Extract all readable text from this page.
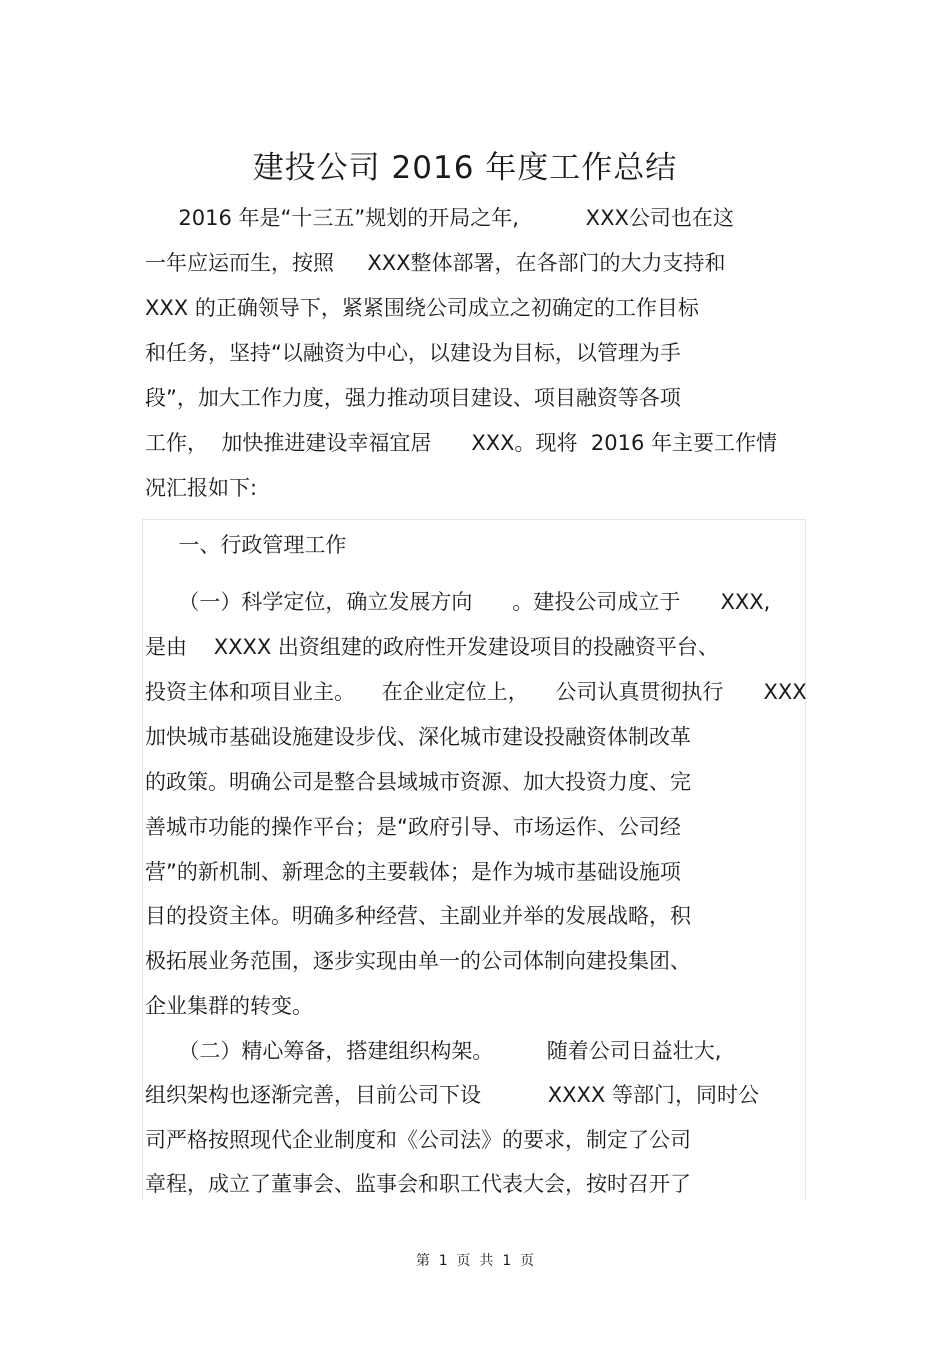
建投公司 2016 年度工作总结
2016 年是“十三五”规划的开局之年,          XXX公司也在这
一年应运而生，按照     XXX整体部署，在各部门的大力支持和
XXX 的正确领导下，紧紧围绕公司成立之初确定的工作目标
和任务，坚持“以融资为中心，以建设为目标，以管理为手
段”，加大工作力度，强力推动项目建设、项目融资等各项
工作，  加快推进建设幸福宜居      XXX。现将  2016 年主要工作情
况汇报如下:
一、行政管理工作
（一）科学定位，确立发展方向      。建投公司成立于      XXX,
是由    XXXX 出资组建的政府性开发建设项目的投融资平台、
投资主体和项目业主。    在企业定位上，    公司认真贯彻执行      XXX
加快城市基础设施建设步伐、深化城市建设投融资体制改革
的政策。明确公司是整合县域城市资源、加大投资力度、完
善城市功能的操作平台；是“政府引导、市场运作、公司经
营”的新机制、新理念的主要载体；是作为城市基础设施项
目的投资主体。明确多种经营、主副业并举的发展战略，积
极拓展业务范围，逐步实现由单一的公司体制向建投集团、
企业集群的转变。
（二）精心筹备，搭建组织构架。        随着公司日益壮大,
组织架构也逐渐完善，目前公司下设          XXXX 等部门，同时公
司严格按照现代企业制度和《公司法》的要求，制定了公司
章程，成立了董事会、监事会和职工代表大会，按时召开了
第  1  页  共  1  页
